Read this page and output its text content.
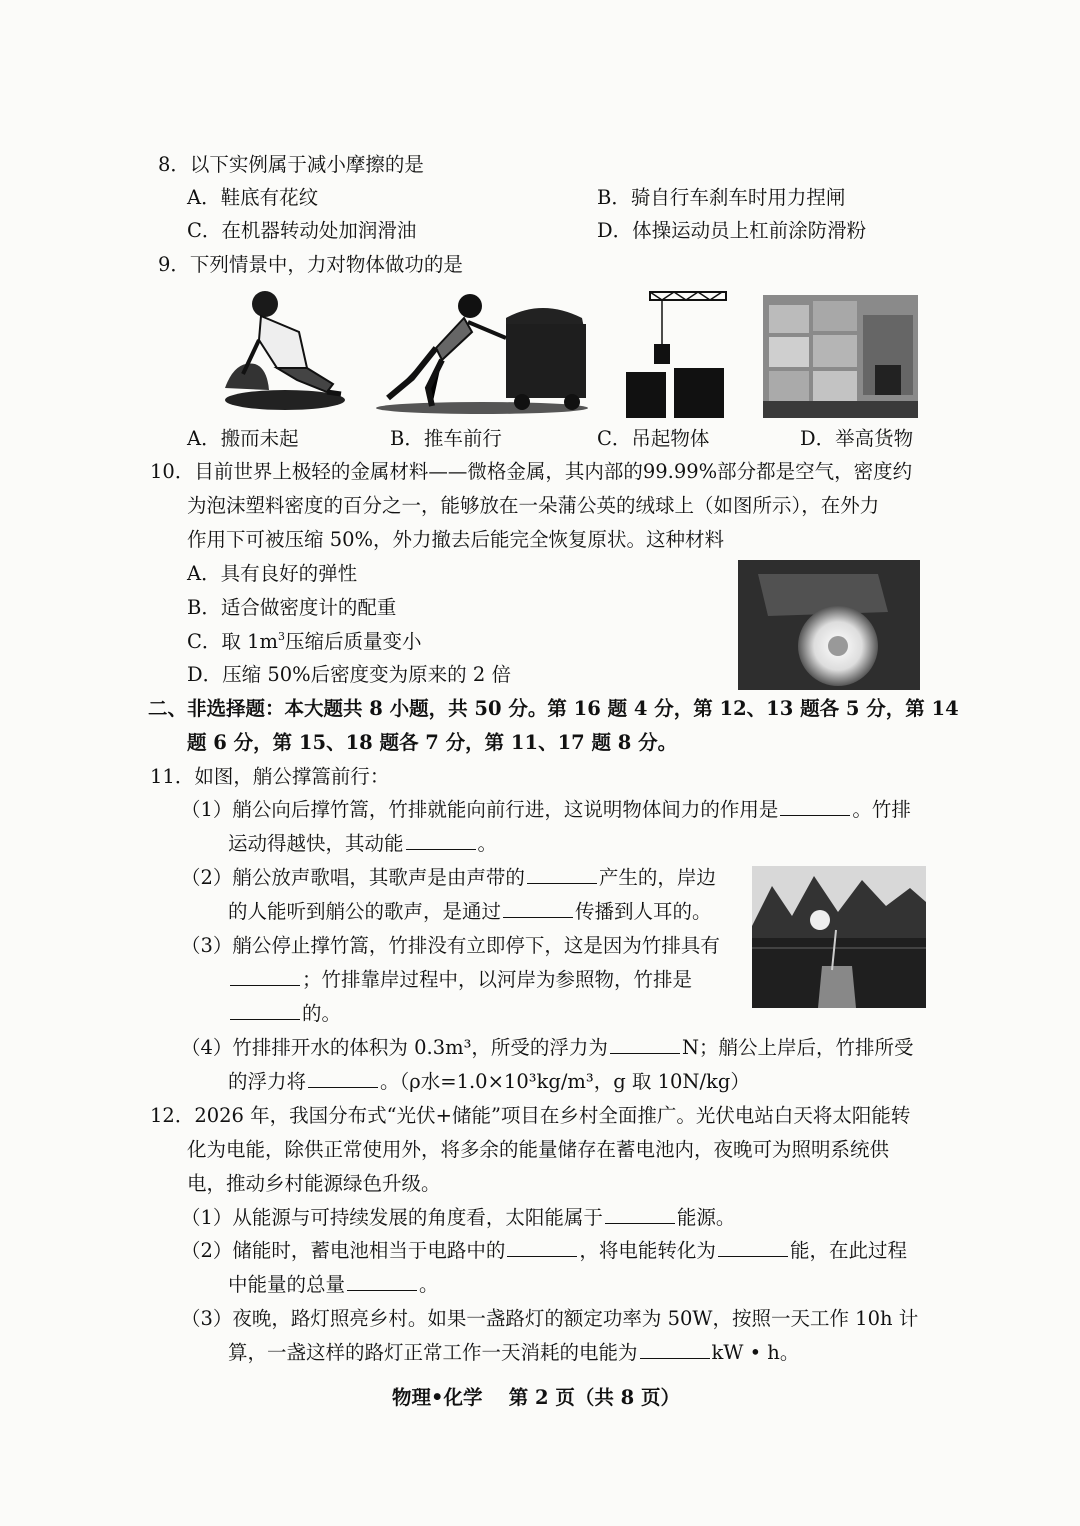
8．以下实例属于减小摩擦的是
A．鞋底有花纹	B．骑自行车刹车时用力捏闸
C．在机器转动处加润滑油	D．体操运动员上杠前涂防滑粉
9．下列情景中，力对物体做功的是
A．搬而未起	B．推车前行	C．吊起物体	D．举高货物
10．目前世界上极轻的金属材料——微格金属，其内部的99.99%部分都是空气，密度约
为泡沫塑料密度的百分之一，能够放在一朵蒲公英的绒球上（如图所示），在外力
作用下可被压缩 50%，外力撤去后能完全恢复原状。这种材料
A．具有良好的弹性
B．适合做密度计的配重
C．取 $1m^3$压缩后质量变小
D．压缩 50%后密度变为原来的 2 倍
二、非选择题：本大题共 8 小题，共 50 分。第 16 题 4 分，第 12、13 题各 5 分，第 14
题 6 分，第 15、18 题各 7 分，第 11、17 题 8 分。
11．如图，艄公撑篙前行：
（1）艄公向后撑竹篙，竹排就能向前行进，这说明物体间力的作用是	。竹排
运动得越快，其动能	。
（2）艄公放声歌唱，其歌声是由声带的	产生的，岸边
的人能听到艄公的歌声，是通过	传播到人耳的。
（3）艄公停止撑竹篙，竹排没有立即停下，这是因为竹排具有
；竹排靠岸过程中，以河岸为参照物，竹排是
的。
（4）竹排排开水的体积为 0.3m³，所受的浮力为	N；艄公上岸后，竹排所受
的浮力将	。（ρ水=1.0×10³kg/m³，g 取 10N/kg）
12．2026 年，我国分布式“光伏+储能”项目在乡村全面推广。光伏电站白天将太阳能转
化为电能，除供正常使用外，将多余的能量储存在蓄电池内，夜晚可为照明系统供
电，推动乡村能源绿色升级。
（1）从能源与可持续发展的角度看，太阳能属于	能源。
（2）储能时，蓄电池相当于电路中的	，将电能转化为	能，在此过程
中能量的总量	。
（3）夜晚，路灯照亮乡村。如果一盏路灯的额定功率为 50W，按照一天工作 10h 计
算，一盏这样的路灯正常工作一天消耗的电能为	kW • h。
物理•化学　 第 2 页（共 8 页）
